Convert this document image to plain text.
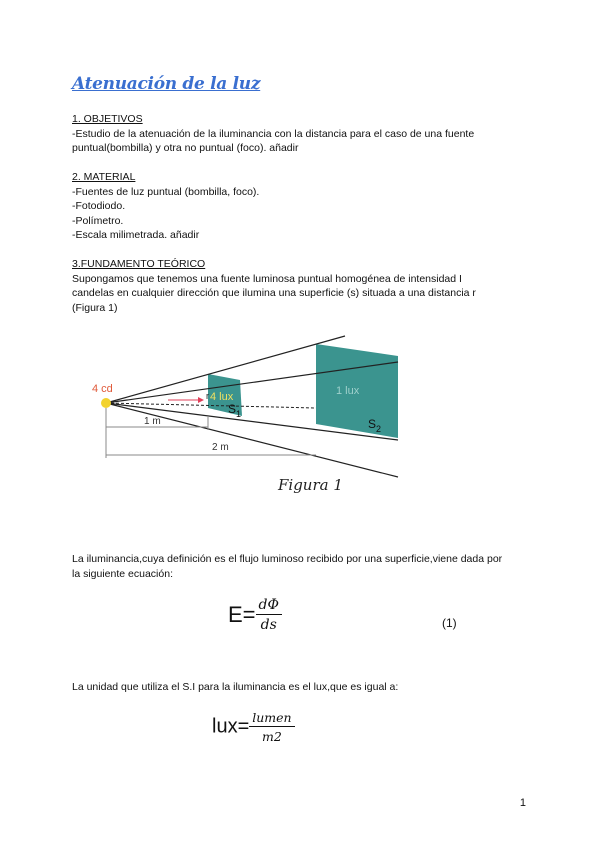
Atenuación de la luz
1. OBJETIVOS
-Estudio de la atenuación de la iluminancia con la distancia para el caso de una fuente
puntual(bombilla) y otra no puntual (foco). añadir
2. MATERIAL
-Fuentes de luz puntual (bombilla, foco).
-Fotodiodo.
-Polímetro.
-Escala milimetrada. añadir
3.FUNDAMENTO TEÓRICO
Supongamos que tenemos una fuente luminosa puntual homogénea de intensidad I
candelas en cualquier dirección que ilumina una superficie (s) situada a una distancia r
(Figura 1)
4 cd
r 4 lux	1 lux
$S_1$
$S_2$
1 m
2 m
Figura 1
La iluminancia,cuya definición es el flujo luminoso recibido por una superficie,viene dada por
la siguiente ecuación:
$E= \frac{d\Phi}{ds}$	(1)
La unidad que utiliza el S.I para la iluminancia es el lux,que es igual a:
$lux= \frac{\text{lumen}}{m2}$
1
